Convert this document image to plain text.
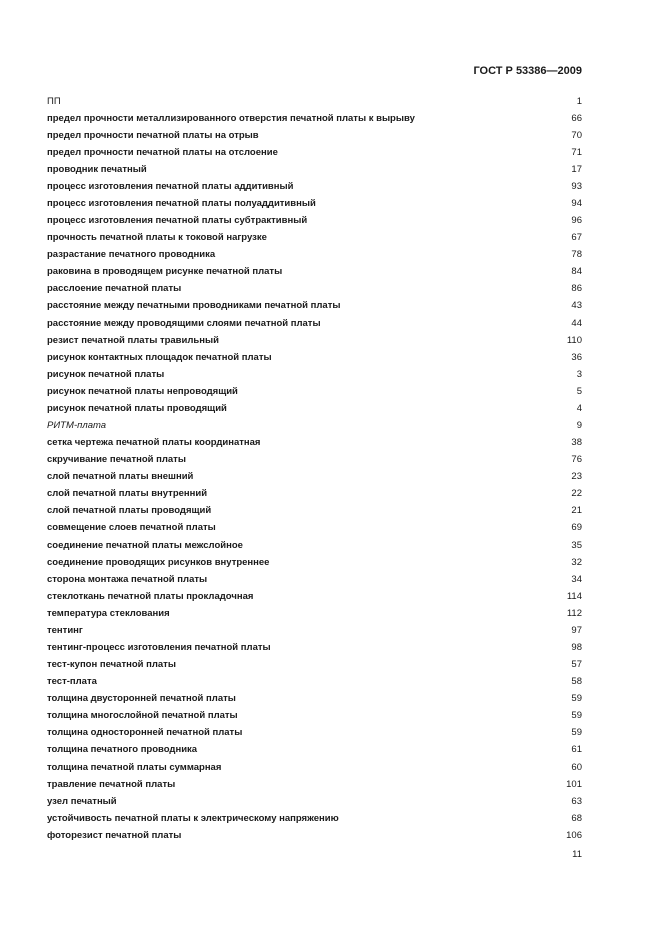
ГОСТ Р 53386—2009
ПП	1
предел прочности металлизированного отверстия печатной платы к вырыву	66
предел прочности печатной платы на отрыв	70
предел прочности печатной платы на отслоение	71
проводник печатный	17
процесс изготовления печатной платы аддитивный	93
процесс изготовления печатной платы полуаддитивный	94
процесс изготовления печатной платы субтрактивный	96
прочность печатной платы к токовой нагрузке	67
разрастание печатного проводника	78
раковина в проводящем рисунке печатной платы	84
расслоение печатной платы	86
расстояние между печатными проводниками печатной платы	43
расстояние между проводящими слоями печатной платы	44
резист печатной платы травильный	110
рисунок контактных площадок печатной платы	36
рисунок печатной платы	3
рисунок печатной платы непроводящий	5
рисунок печатной платы проводящий	4
РИТМ-плата	9
сетка чертежа печатной платы координатная	38
скручивание печатной платы	76
слой печатной платы внешний	23
слой печатной платы внутренний	22
слой печатной платы проводящий	21
совмещение слоев печатной платы	69
соединение печатной платы межслойное	35
соединение проводящих рисунков внутреннее	32
сторона монтажа печатной платы	34
стеклоткань печатной платы прокладочная	114
температура стеклования	112
тентинг	97
тентинг-процесс изготовления печатной платы	98
тест-купон печатной платы	57
тест-плата	58
толщина двусторонней печатной платы	59
толщина многослойной печатной платы	59
толщина односторонней печатной платы	59
толщина печатного проводника	61
толщина печатной платы суммарная	60
травление печатной платы	101
узел печатный	63
устойчивость печатной платы к электрическому напряжению	68
фоторезист печатной платы	106
11
